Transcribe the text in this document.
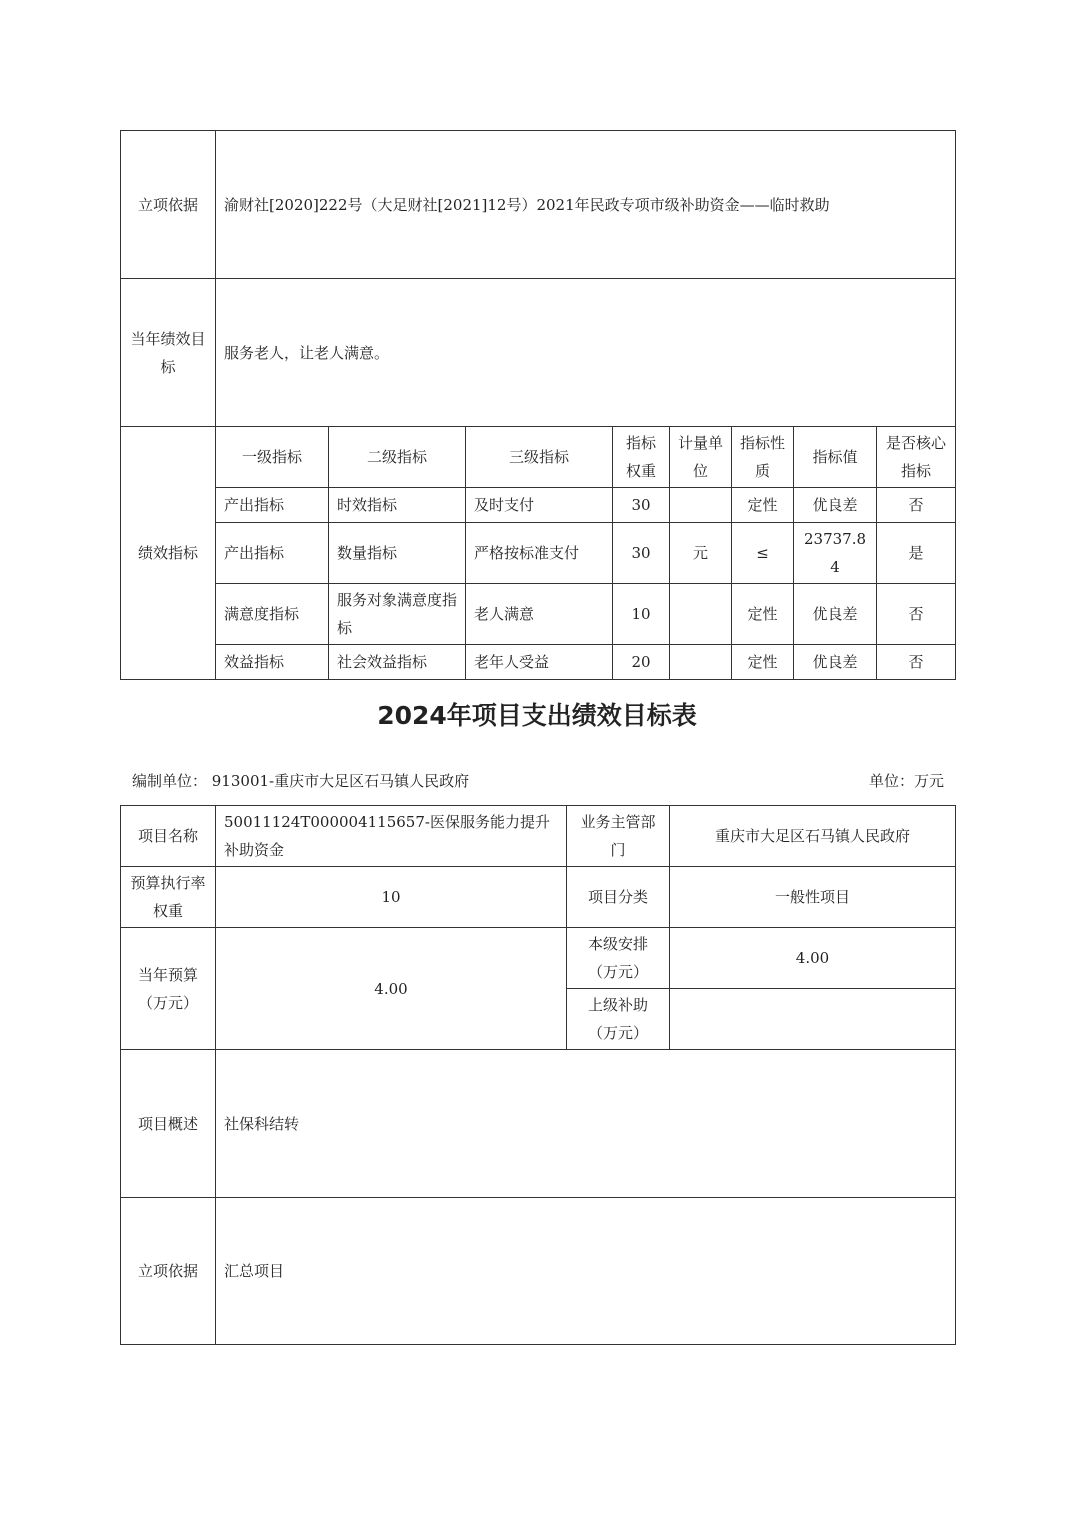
立项依据	渝财社[2020]222号（大足财社[2021]12号）2021年民政专项市级补助资金——临时救助							
当年绩效目标	服务老人，让老人满意。							
绩效指标	一级指标	二级指标	三级指标	指标权重	计量单位	指标性质	指标值	是否核心指标
	产出指标	时效指标	及时支付	30		定性	优良差	否
	产出指标	数量指标	严格按标准支付	30	元	≤	23737.84	是
	满意度指标	服务对象满意度指标	老人满意	10		定性	优良差	否
	效益指标	社会效益指标	老年人受益	20		定性	优良差	否
2024年项目支出绩效目标表
编制单位： 913001-重庆市大足区石马镇人民政府	单位：万元
项目名称	50011124T000004115657-医保服务能力提升补助资金	业务主管部门	重庆市大足区石马镇人民政府
预算执行率权重	10	项目分类	一般性项目
当年预算（万元）	4.00	本级安排（万元）	4.00
		上级补助（万元）	
项目概述	社保科结转		
立项依据	汇总项目		
